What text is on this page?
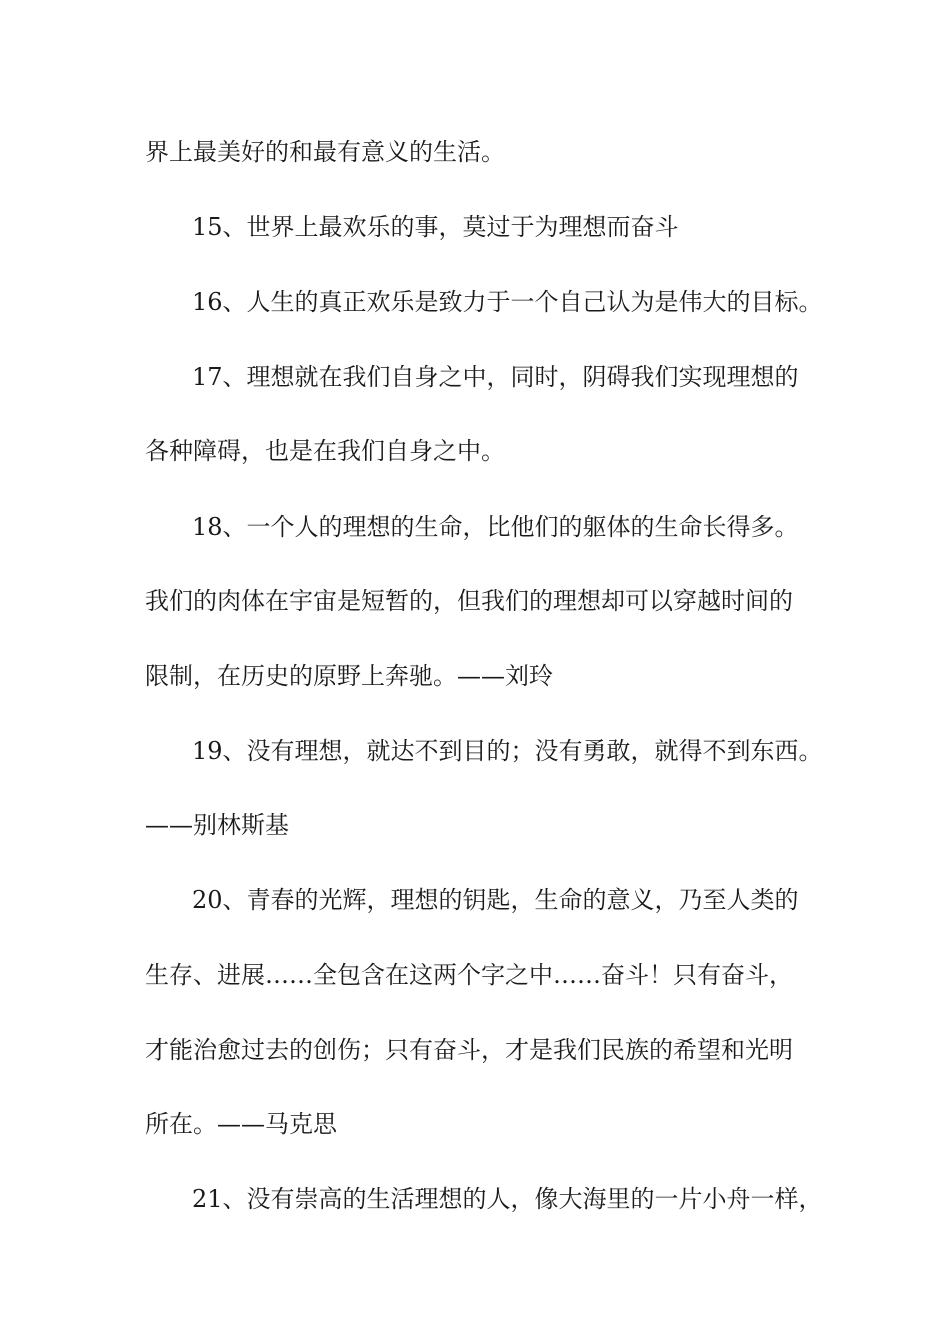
界上最美好的和最有意义的生活。
15、世界上最欢乐的事，莫过于为理想而奋斗
16、人生的真正欢乐是致力于一个自己认为是伟大的目标。
17、理想就在我们自身之中，同时，阴碍我们实现理想的
各种障碍，也是在我们自身之中。
18、一个人的理想的生命，比他们的躯体的生命长得多。
我们的肉体在宇宙是短暂的，但我们的理想却可以穿越时间的
限制，在历史的原野上奔驰。——刘玲
19、没有理想，就达不到目的；没有勇敢，就得不到东西。
——别林斯基
20、青春的光辉，理想的钥匙，生命的意义，乃至人类的
生存、进展……全包含在这两个字之中……奋斗！只有奋斗，
才能治愈过去的创伤；只有奋斗，才是我们民族的希望和光明
所在。——马克思
21、没有崇高的生活理想的人，像大海里的一片小舟一样，
